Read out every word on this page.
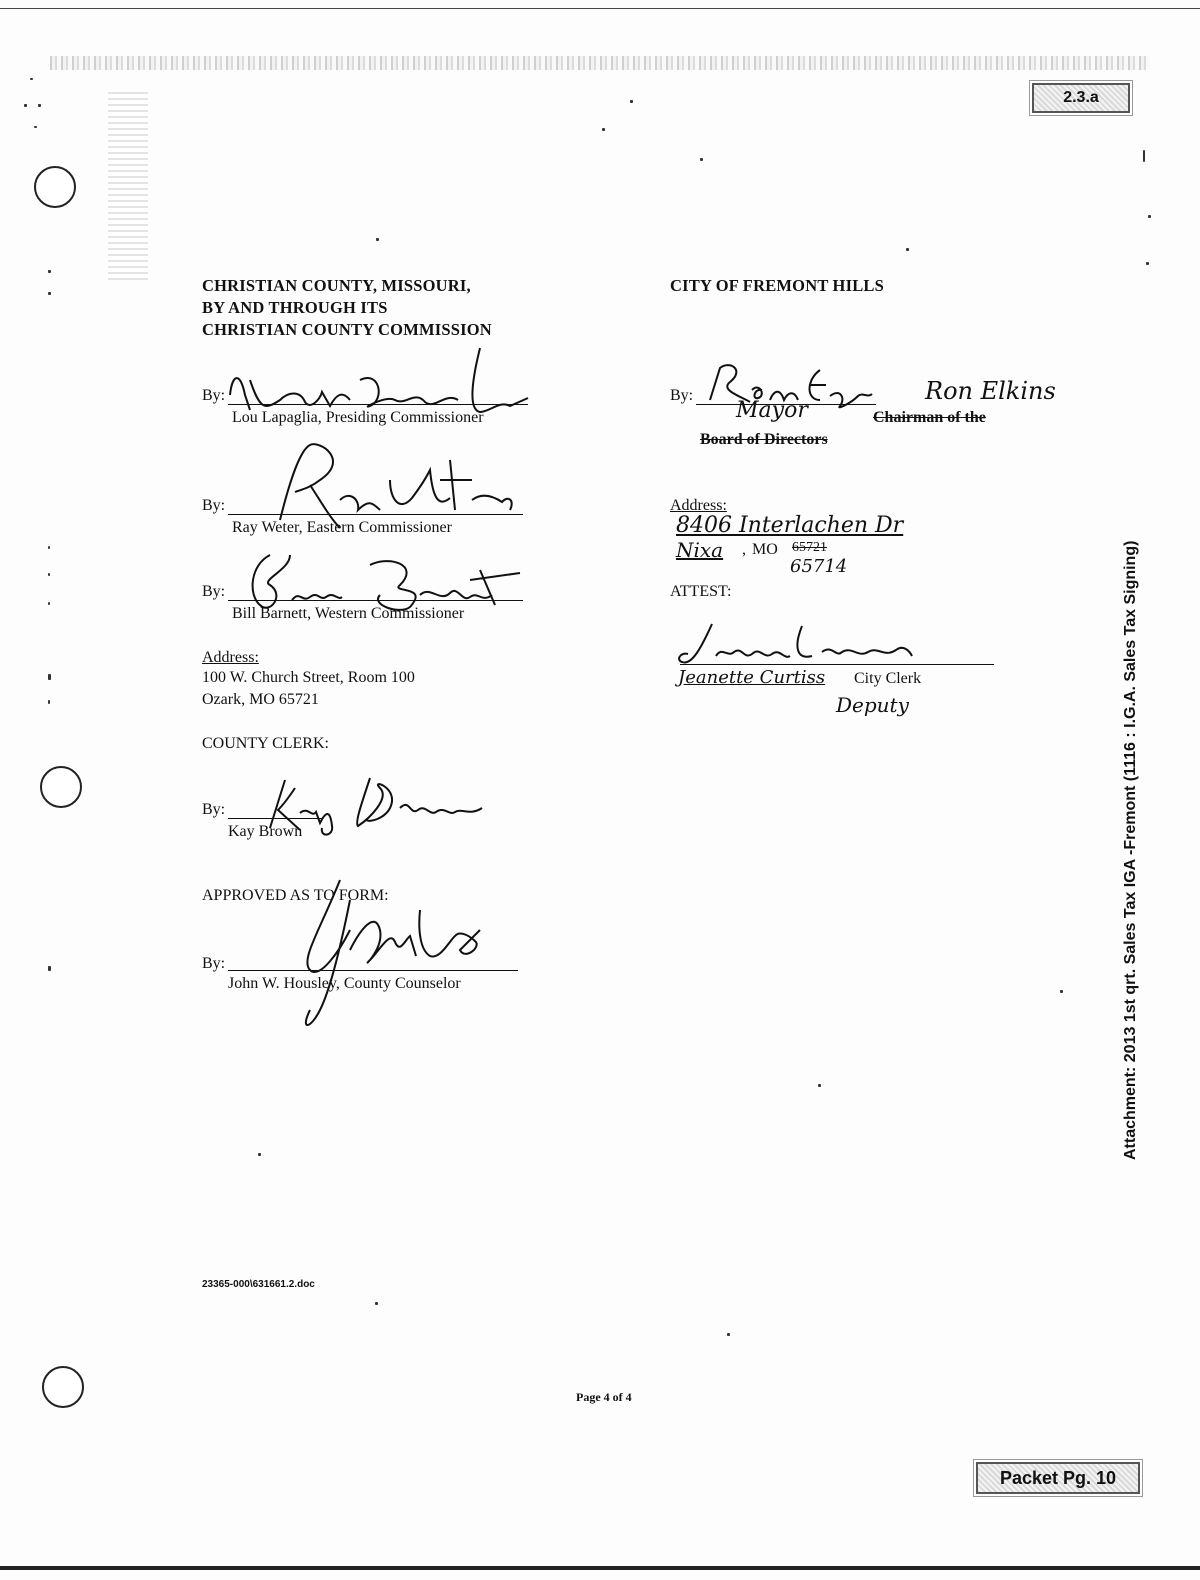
2.3.a
CHRISTIAN COUNTY, MISSOURI,
BY AND THROUGH ITS
CHRISTIAN COUNTY COMMISSION
By:
Lou Lapaglia, Presiding Commissioner
By:
Ray Weter, Eastern Commissioner
By:
Bill Barnett, Western Commissioner
Address:
100 W. Church Street, Room 100
Ozark, MO 65721
COUNTY CLERK:
By:
Kay Brown
APPROVED AS TO FORM:
By:
John W. Housley, County Counselor
CITY OF FREMONT HILLS
By:	Ron Elkins
Mayor	Chairman of the
Board of Directors
Address:
8406 Interlachen Dr
Nixa , MO 65721
65714
ATTEST:
Jeanette Curtiss City Clerk
Deputy	Attachment: 2013 1st qrt. Sales Tax IGA -Fremont (1116 : I.G.A. Sales Tax Signing)
23365-000\631661.2.doc
Page 4 of 4
Packet Pg. 10
